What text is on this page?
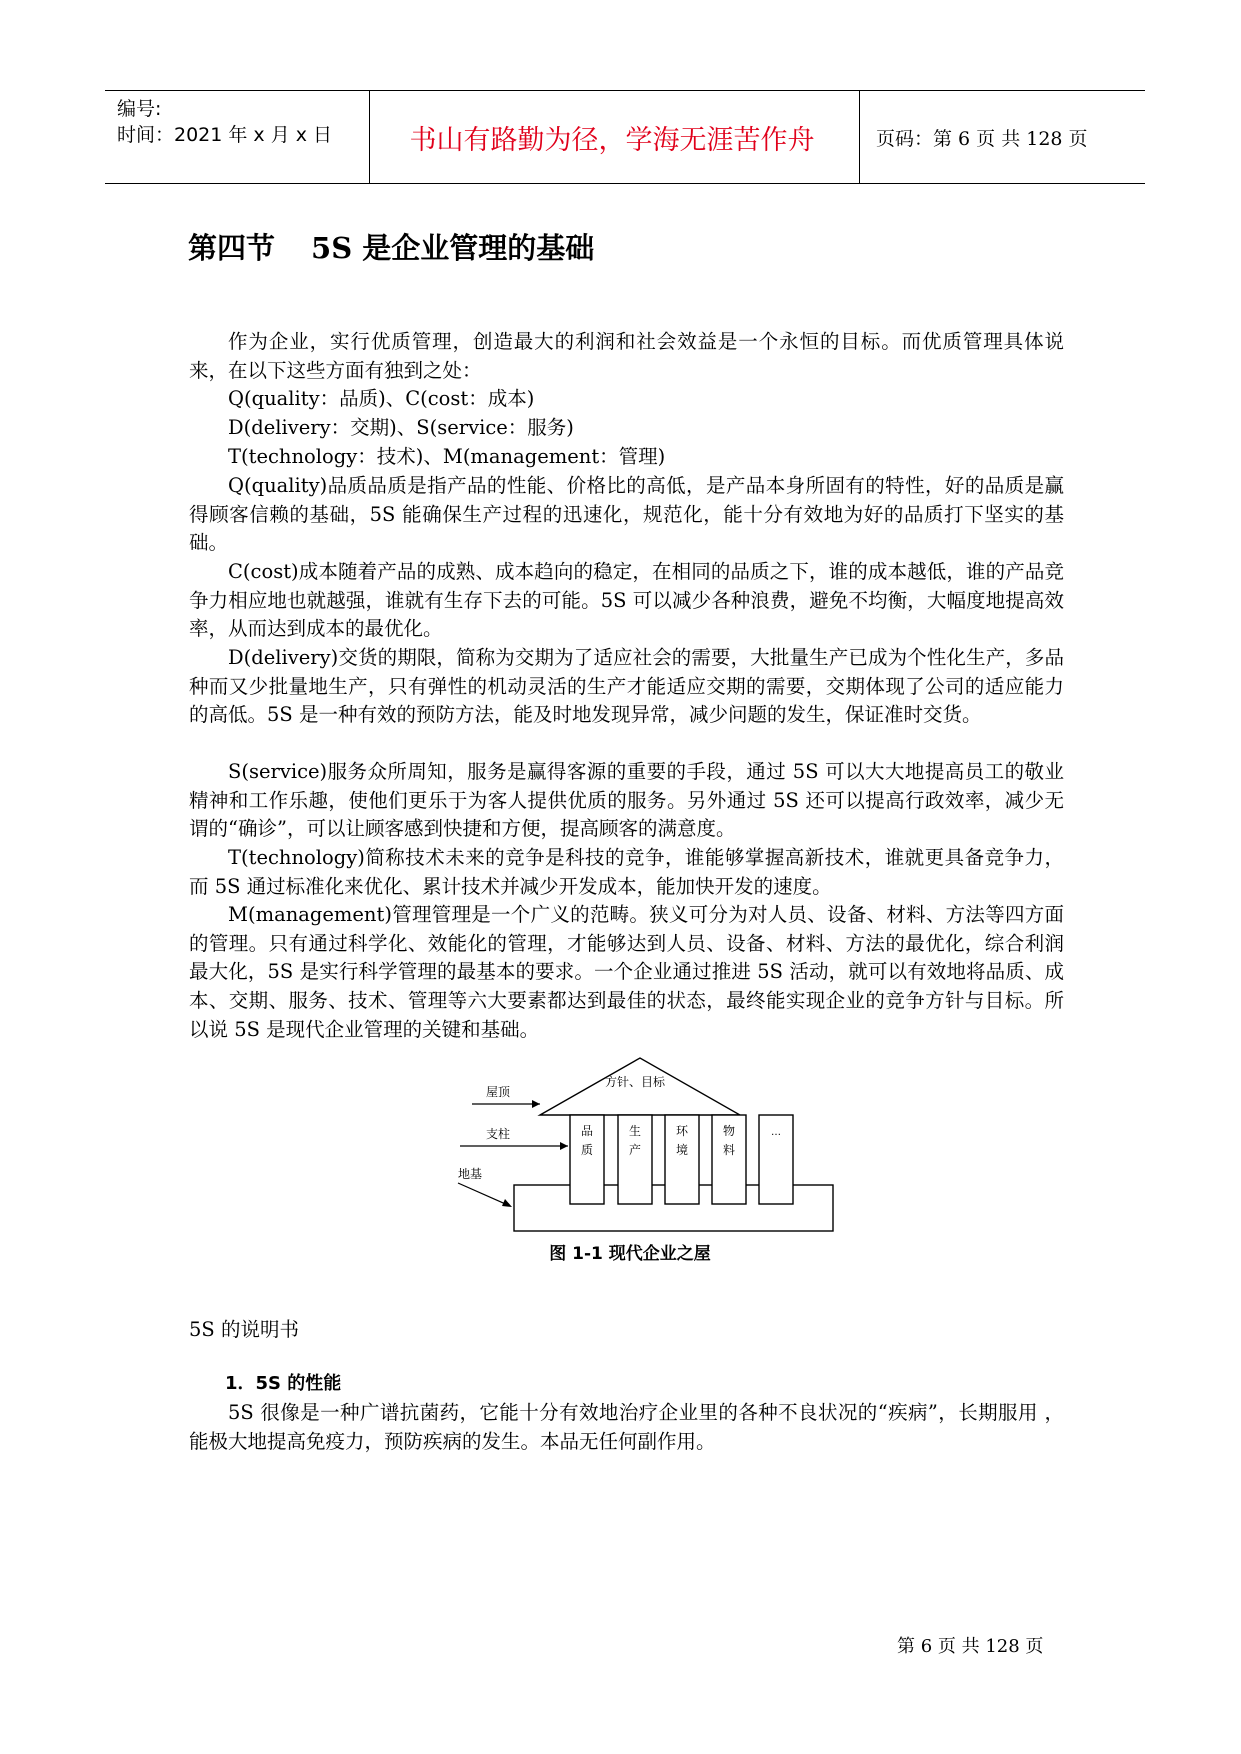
编号:
时间：2021 年 x 月 x 日	书山有路勤为径，学海无涯苦作舟	页码：第 6 页 共 128 页
第四节 5S 是企业管理的基础

作为企业，实行优质管理，创造最大的利润和社会效益是一个永恒的目标。而优质管理具体说来，在以下这些方面有独到之处：

Q(quality：品质)、C(cost：成本)

D(delivery：交期)、S(service：服务)

T(technology：技术)、M(management：管理)

Q(quality)品质品质是指产品的性能、价格比的高低，是产品本身所固有的特性，好的品质是赢得顾客信赖的基础，5S 能确保生产过程的迅速化，规范化，能十分有效地为好的品质打下坚实的基础。

C(cost)成本随着产品的成熟、成本趋向的稳定，在相同的品质之下，谁的成本越低，谁的产品竞争力相应地也就越强，谁就有生存下去的可能。5S 可以减少各种浪费，避免不均衡，大幅度地提高效率，从而达到成本的最优化。

D(delivery)交货的期限，简称为交期为了适应社会的需要，大批量生产已成为个性化生产，多品种而又少批量地生产，只有弹性的机动灵活的生产才能适应交期的需要，交期体现了公司的适应能力的高低。5S 是一种有效的预防方法，能及时地发现异常，减少问题的发生，保证准时交货。

S(service)服务众所周知，服务是赢得客源的重要的手段，通过 5S 可以大大地提高员工的敬业精神和工作乐趣，使他们更乐于为客人提供优质的服务。另外通过 5S 还可以提高行政效率，减少无谓的“确诊”，可以让顾客感到快捷和方便，提高顾客的满意度。

T(technology)简称技术未来的竞争是科技的竞争，谁能够掌握高新技术，谁就更具备竞争力，而 5S 通过标准化来优化、累计技术并减少开发成本，能加快开发的速度。

M(management)管理管理是一个广义的范畴。狭义可分为对人员、设备、材料、方法等四方面的管理。只有通过科学化、效能化的管理，才能够达到人员、设备、材料、方法的最优化，综合利润最大化，5S 是实行科学管理的最基本的要求。一个企业通过推进 5S 活动，就可以有效地将品质、成本、交期、服务、技术、管理等六大要素都达到最佳的状态，最终能实现企业的竞争方针与目标。所以说 5S 是现代企业管理的关键和基础。

方针、目标
品
质
生
产
环
境
物
料
…
屋顶
支柱
地基
图 1-1 现代企业之屋

5S 的说明书

1．5S 的性能

5S 很像是一种广谱抗菌药，它能十分有效地治疗企业里的各种不良状况的“疾病”，长期服用 ，能极大地提高免疫力，预防疾病的发生。本品无任何副作用。

第 6 页 共 128 页
